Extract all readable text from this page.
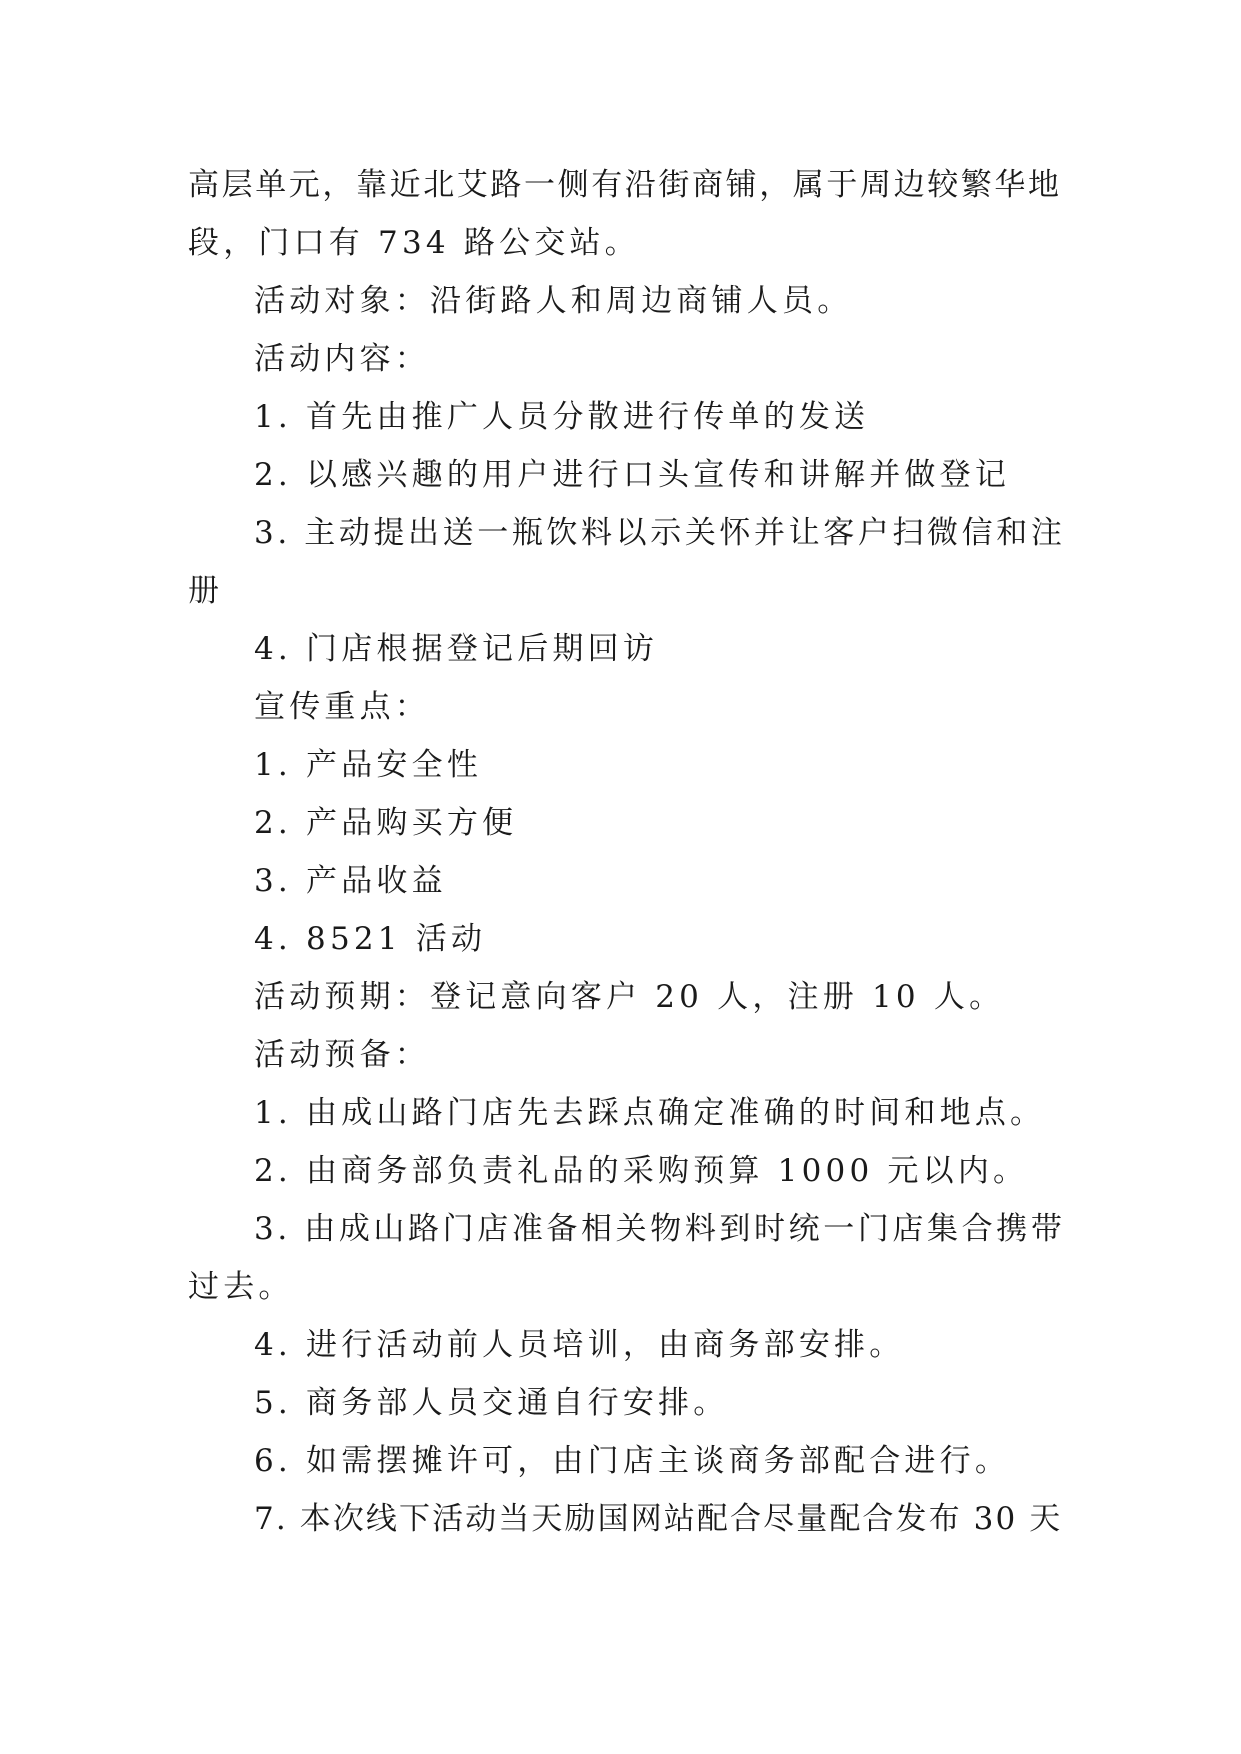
高层单元，靠近北艾路一侧有沿街商铺，属于周边较繁华地
段，门口有 734 路公交站。
活动对象：沿街路人和周边商铺人员。
活动内容：
1. 首先由推广人员分散进行传单的发送
2. 以感兴趣的用户进行口头宣传和讲解并做登记
3. 主动提出送一瓶饮料以示关怀并让客户扫微信和注
册
4. 门店根据登记后期回访
宣传重点：
1. 产品安全性
2. 产品购买方便
3. 产品收益
4. 8521 活动
活动预期：登记意向客户 20 人，注册 10 人。
活动预备：
1. 由成山路门店先去踩点确定准确的时间和地点。
2. 由商务部负责礼品的采购预算 1000 元以内。
3. 由成山路门店准备相关物料到时统一门店集合携带
过去。
4. 进行活动前人员培训，由商务部安排。
5. 商务部人员交通自行安排。
6. 如需摆摊许可，由门店主谈商务部配合进行。
7. 本次线下活动当天励国网站配合尽量配合发布 30 天
